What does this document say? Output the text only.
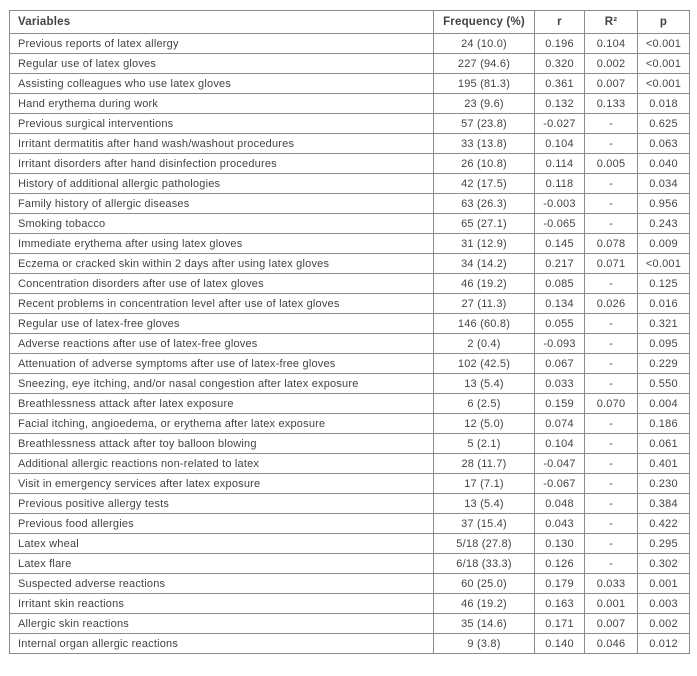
Variables	Frequency (%)	r	R²	p
Previous reports of latex allergy	24 (10.0)	0.196	0.104	<0.001
Regular use of latex gloves	227 (94.6)	0.320	0.002	<0.001
Assisting colleagues who use latex gloves	195 (81.3)	0.361	0.007	<0.001
Hand erythema during work	23 (9.6)	0.132	0.133	0.018
Previous surgical interventions	57 (23.8)	-0.027	-	0.625
Irritant dermatitis after hand wash/washout procedures	33 (13.8)	0.104	-	0.063
Irritant disorders after hand disinfection procedures	26 (10.8)	0.114	0.005	0.040
History of additional allergic pathologies	42 (17.5)	0.118	-	0.034
Family history of allergic diseases	63 (26.3)	-0.003	-	0.956
Smoking tobacco	65 (27.1)	-0.065	-	0.243
Immediate erythema after using latex gloves	31 (12.9)	0.145	0.078	0.009
Eczema or cracked skin within 2 days after using latex gloves	34 (14.2)	0.217	0.071	<0.001
Concentration disorders after use of latex gloves	46 (19.2)	0.085	-	0.125
Recent problems in concentration level after use of latex gloves	27 (11.3)	0.134	0.026	0.016
Regular use of latex-free gloves	146 (60.8)	0.055	-	0.321
Adverse reactions after use of latex-free gloves	2 (0.4)	-0.093	-	0.095
Attenuation of adverse symptoms after use of latex-free gloves	102 (42.5)	0.067	-	0.229
Sneezing, eye itching, and/or nasal congestion after latex exposure	13 (5.4)	0.033	-	0.550
Breathlessness attack after latex exposure	6 (2.5)	0.159	0.070	0.004
Facial itching, angioedema, or erythema after latex exposure	12 (5.0)	0.074	-	0.186
Breathlessness attack after toy balloon blowing	5 (2.1)	0.104	-	0.061
Additional allergic reactions non-related to latex	28 (11.7)	-0.047	-	0.401
Visit in emergency services after latex exposure	17 (7.1)	-0.067	-	0.230
Previous positive allergy tests	13 (5.4)	0.048	-	0.384
Previous food allergies	37 (15.4)	0.043	-	0.422
Latex wheal	5/18 (27.8)	0.130	-	0.295
Latex flare	6/18 (33.3)	0.126	-	0.302
Suspected adverse reactions	60 (25.0)	0.179	0.033	0.001
Irritant skin reactions	46 (19.2)	0.163	0.001	0.003
Allergic skin reactions	35 (14.6)	0.171	0.007	0.002
Internal organ allergic reactions	9 (3.8)	0.140	0.046	0.012
